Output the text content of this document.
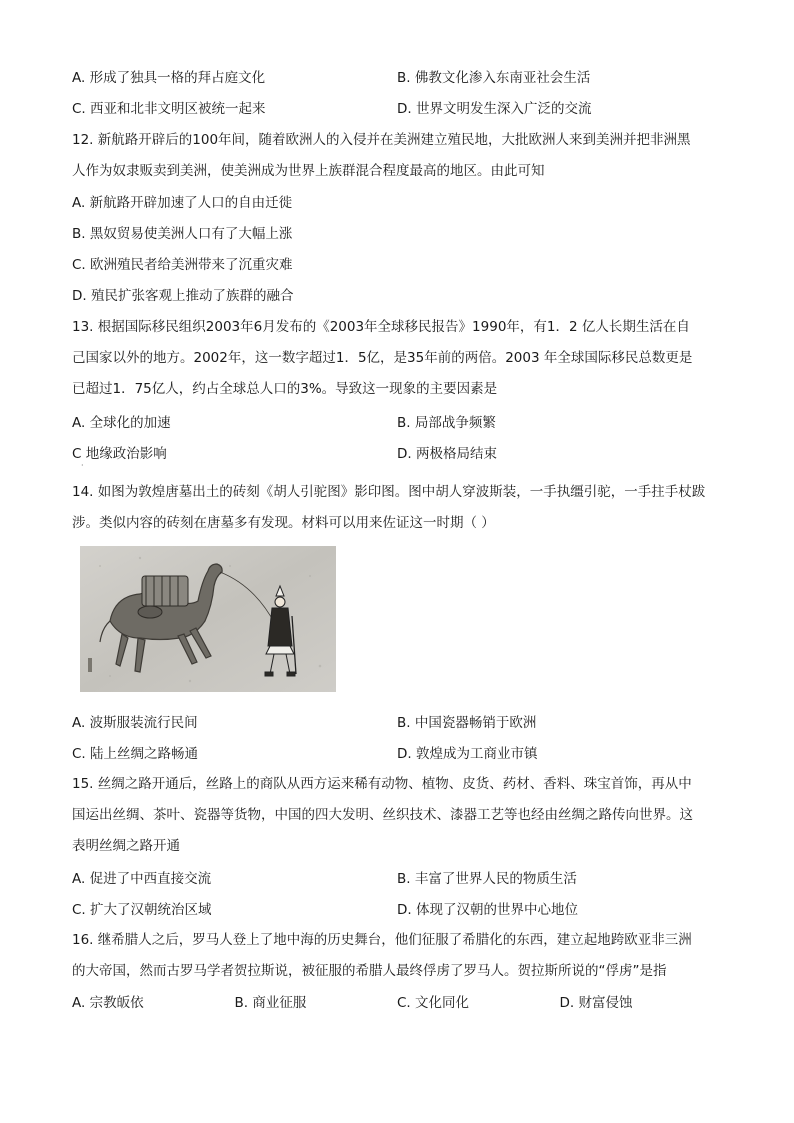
A. 形成了独具一格的拜占庭文化	B. 佛教文化渗入东南亚社会生活
C. 西亚和北非文明区被统一起来	D. 世界文明发生深入广泛的交流
12. 新航路开辟后的100年间，随着欧洲人的入侵并在美洲建立殖民地，大批欧洲人来到美洲并把非洲黑
人作为奴隶贩卖到美洲，使美洲成为世界上族群混合程度最高的地区。由此可知
A. 新航路开辟加速了人口的自由迁徙
B. 黑奴贸易使美洲人口有了大幅上涨
C. 欧洲殖民者给美洲带来了沉重灾难
D. 殖民扩张客观上推动了族群的融合
13. 根据国际移民组织2003年6月发布的《2003年全球移民报告》1990年，有1．2 亿人长期生活在自
己国家以外的地方。2002年，这一数字超过1．5亿，是35年前的两倍。2003 年全球国际移民总数更是
已超过1．75亿人，约占全球总人口的3%。导致这一现象的主要因素是
A. 全球化的加速	B. 局部战争频繁
C 地缘政治影响	D. 两极格局结束
·
14. 如图为敦煌唐墓出土的砖刻《胡人引驼图》影印图。图中胡人穿波斯装，一手执缰引驼，一手拄手杖跋
涉。类似内容的砖刻在唐墓多有发现。材料可以用来佐证这一时期（ ）
A. 波斯服装流行民间	B. 中国瓷器畅销于欧洲
C. 陆上丝绸之路畅通	D. 敦煌成为工商业市镇
15. 丝绸之路开通后，丝路上的商队从西方运来稀有动物、植物、皮货、药材、香料、珠宝首饰，再从中
国运出丝绸、茶叶、瓷器等货物，中国的四大发明、丝织技术、漆器工艺等也经由丝绸之路传向世界。这
表明丝绸之路开通
A. 促进了中西直接交流	B. 丰富了世界人民的物质生活
C. 扩大了汉朝统治区域	D. 体现了汉朝的世界中心地位
16. 继希腊人之后，罗马人登上了地中海的历史舞台，他们征服了希腊化的东西，建立起地跨欧亚非三洲
的大帝国，然而古罗马学者贺拉斯说，被征服的希腊人最终俘虏了罗马人。贺拉斯所说的“俘虏”是指
A. 宗教皈依	B. 商业征服	C. 文化同化	D. 财富侵蚀
